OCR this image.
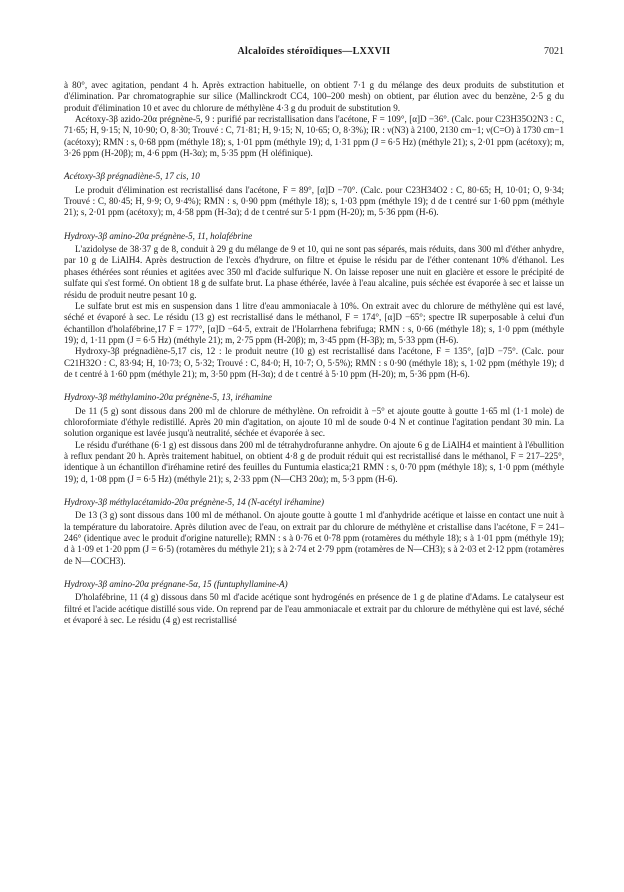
Alcaloïdes stéroïdiques—LXXVII	7021

à 80°, avec agitation, pendant 4 h. Après extraction habituelle, on obtient 7·1 g du mélange des deux produits de substitution et d'élimination. Par chromatographie sur silice (Mallinckrodt CC4, 100–200 mesh) on obtient, par élution avec du benzène, 2·5 g du produit d'élimination 10 et avec du chlorure de méthylène 4·3 g du produit de substitution 9.

Acétoxy-3β azido-20α prégnène-5, 9 : purifié par recristallisation dans l'acétone, F = 109°, [α]D −36°. (Calc. pour C23H35O2N3 : C, 71·65; H, 9·15; N, 10·90; O, 8·30; Trouvé : C, 71·81; H, 9·15; N, 10·65; O, 8·3%); IR : ν(N3) à 2100, 2130 cm−1; ν(C=O) à 1730 cm−1 (acétoxy); RMN : s, 0·68 ppm (méthyle 18); s, 1·01 ppm (méthyle 19); d, 1·31 ppm (J = 6·5 Hz) (méthyle 21); s, 2·01 ppm (acétoxy); m, 3·26 ppm (H-20β); m, 4·6 ppm (H-3α); m, 5·35 ppm (H oléfinique).

Acétoxy-3β prégnadiène-5, 17 cis, 10

Le produit d'élimination est recristallisé dans l'acétone, F = 89°, [α]D −70°. (Calc. pour C23H34O2 : C, 80·65; H, 10·01; O, 9·34; Trouvé : C, 80·45; H, 9·9; O, 9·4%); RMN : s, 0·90 ppm (méthyle 18); s, 1·03 ppm (méthyle 19); d de t centré sur 1·60 ppm (méthyle 21); s, 2·01 ppm (acétoxy); m, 4·58 ppm (H-3α); d de t centré sur 5·1 ppm (H-20); m, 5·36 ppm (H-6).

Hydroxy-3β amino-20α prégnène-5, 11, holafébrine

L'azidolyse de 38·37 g de 8, conduit à 29 g du mélange de 9 et 10, qui ne sont pas séparés, mais réduits, dans 300 ml d'éther anhydre, par 10 g de LiAlH4. Après destruction de l'excès d'hydrure, on filtre et épuise le résidu par de l'éther contenant 10% d'éthanol. Les phases éthérées sont réunies et agitées avec 350 ml d'acide sulfurique N. On laisse reposer une nuit en glacière et essore le précipité de sulfate qui s'est formé. On obtient 18 g de sulfate brut. La phase éthérée, lavée à l'eau alcaline, puis séchée est évaporée à sec et laisse un résidu de produit neutre pesant 10 g.

Le sulfate brut est mis en suspension dans 1 litre d'eau ammoniacale à 10%. On extrait avec du chlorure de méthylène qui est lavé, séché et évaporé à sec. Le résidu (13 g) est recristallisé dans le méthanol, F = 174°, [α]D −65°; spectre IR superposable à celui d'un échantillon d'holafébrine,17 F = 177°, [α]D −64·5, extrait de l'Holarrhena febrifuga; RMN : s, 0·66 (méthyle 18); s, 1·0 ppm (méthyle 19); d, 1·11 ppm (J = 6·5 Hz) (méthyle 21); m, 2·75 ppm (H-20β); m, 3·45 ppm (H-3β); m, 5·33 ppm (H-6).

Hydroxy-3β prégnadiène-5,17 cis, 12 : le produit neutre (10 g) est recristallisé dans l'acétone, F = 135°, [α]D −75°. (Calc. pour C21H32O : C, 83·94; H, 10·73; O, 5·32; Trouvé : C, 84·0; H, 10·7; O, 5·5%); RMN : s 0·90 (méthyle 18); s, 1·02 ppm (méthyle 19); d de t centré à 1·60 ppm (méthyle 21); m, 3·50 ppm (H-3α); d de t centré à 5·10 ppm (H-20); m, 5·36 ppm (H-6).

Hydroxy-3β méthylamino-20α prégnène-5, 13, iréhamine

De 11 (5 g) sont dissous dans 200 ml de chlorure de méthylène. On refroidit à −5° et ajoute goutte à goutte 1·65 ml (1·1 mole) de chloroformiate d'éthyle redistillé. Après 20 min d'agitation, on ajoute 10 ml de soude 0·4 N et continue l'agitation pendant 30 min. La solution organique est lavée jusqu'à neutralité, séchée et évaporée à sec.

Le résidu d'uréthane (6·1 g) est dissous dans 200 ml de tétrahydrofuranne anhydre. On ajoute 6 g de LiAlH4 et maintient à l'ébullition à reflux pendant 20 h. Après traitement habituel, on obtient 4·8 g de produit réduit qui est recristallisé dans le méthanol, F = 217–225°, identique à un échantillon d'iréhamine retiré des feuilles du Funtumia elastica;21 RMN : s, 0·70 ppm (méthyle 18); s, 1·0 ppm (méthyle 19); d, 1·08 ppm (J = 6·5 Hz) (méthyle 21); s, 2·33 ppm (N—CH3 20α); m, 5·3 ppm (H-6).

Hydroxy-3β méthylacétamido-20α prégnène-5, 14 (N-acétyl iréhamine)

De 13 (3 g) sont dissous dans 100 ml de méthanol. On ajoute goutte à goutte 1 ml d'anhydride acétique et laisse en contact une nuit à la température du laboratoire. Après dilution avec de l'eau, on extrait par du chlorure de méthylène et cristallise dans l'acétone, F = 241–246° (identique avec le produit d'origine naturelle); RMN : s à 0·76 et 0·78 ppm (rotamères du méthyle 18); s à 1·01 ppm (méthyle 19); d à 1·09 et 1·20 ppm (J = 6·5) (rotamères du méthyle 21); s à 2·74 et 2·79 ppm (rotamères de N—CH3); s à 2·03 et 2·12 ppm (rotamères de N—COCH3).

Hydroxy-3β amino-20α prégnane-5α, 15 (funtuphyllamine-A)

D'holafébrine, 11 (4 g) dissous dans 50 ml d'acide acétique sont hydrogénés en présence de 1 g de platine d'Adams. Le catalyseur est filtré et l'acide acétique distillé sous vide. On reprend par de l'eau ammoniacale et extrait par du chlorure de méthylène qui est lavé, séché et évaporé à sec. Le résidu (4 g) est recristallisé
